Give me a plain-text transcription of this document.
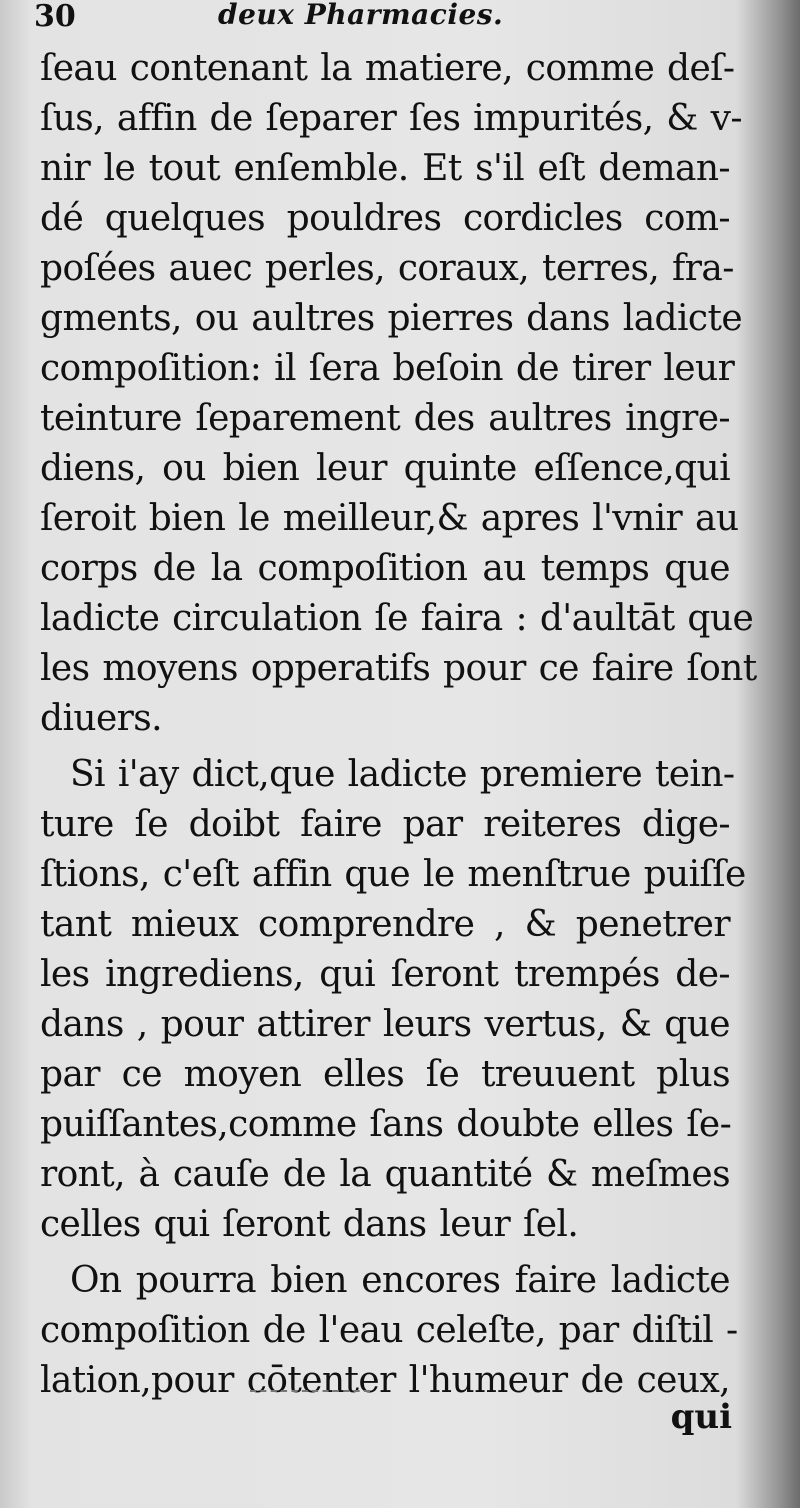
30	deux Pharmacies.
ſeau contenant la matiere, comme deſ-
ſus, affin de ſeparer ſes impurités, & v-
nir le tout enſemble. Et s'il eſt deman-
dé quelques pouldres cordicles com-
poſées auec perles, coraux, terres, fra-
gments, ou aultres pierres dans ladicte
compoſition: il ſera beſoin de tirer leur
teinture ſeparement des aultres ingre-
diens, ou bien leur quinte eſſence,qui
ſeroit bien le meilleur,& apres l'vnir au
corps de la compoſition au temps que
ladicte circulation ſe faira : d'aultāt que
les moyens opperatifs pour ce faire ſont
diuers.
Si i'ay dict,que ladicte premiere tein-
ture ſe doibt faire par reiteres dige-
ſtions, c'eſt affin que le menſtrue puiſſe
tant mieux comprendre , & penetrer
les ingrediens, qui ſeront trempés de-
dans , pour attirer leurs vertus, & que
par ce moyen elles ſe treuuent plus
puiſſantes,comme ſans doubte elles ſe-
ront, à cauſe de la quantité & meſmes
celles qui ſeront dans leur ſel.
On pourra bien encores faire ladicte
compoſition de l'eau celeſte, par diſtil -
lation,pour cōtenter l'humeur de ceux,
qui
